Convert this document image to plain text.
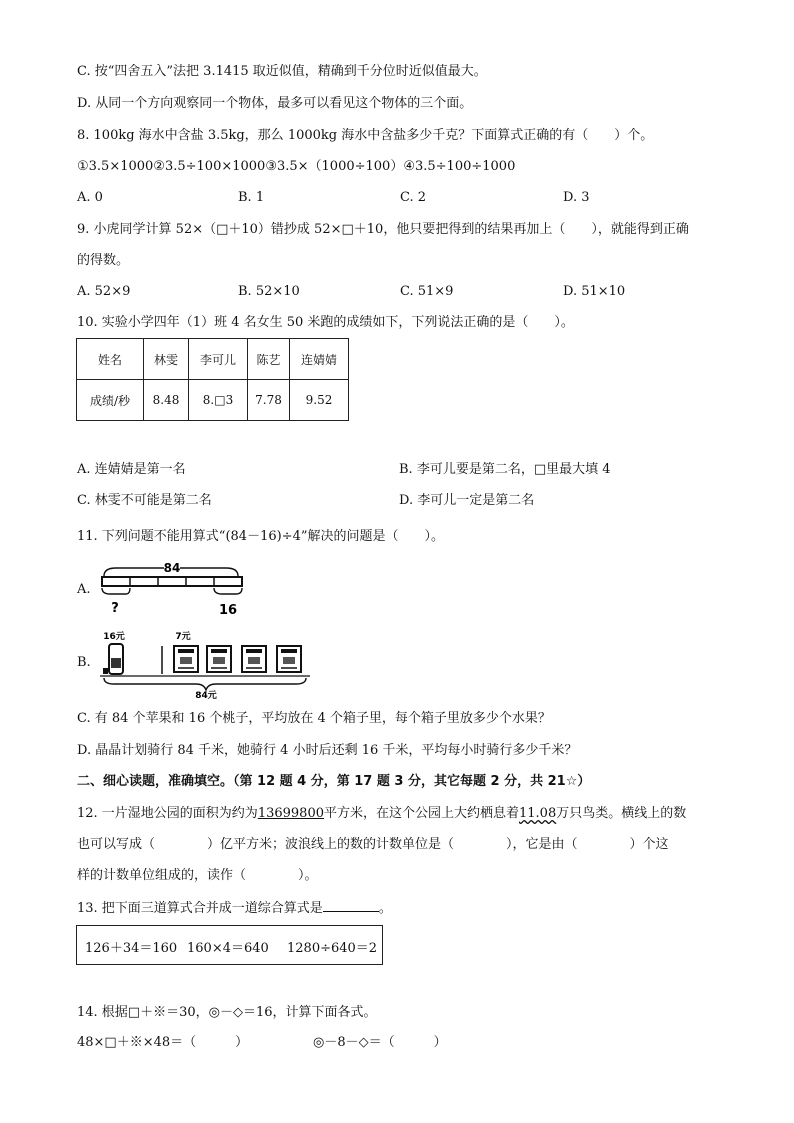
C. 按“四舍五入”法把 3.1415 取近似值，精确到千分位时近似值最大。
D. 从同一个方向观察同一个物体，最多可以看见这个物体的三个面。
8. 100kg 海水中含盐 3.5kg，那么 1000kg 海水中含盐多少千克？下面算式正确的有（　　）个。
①3.5×1000②3.5÷100×1000③3.5×（1000÷100）④3.5÷100÷1000
A. 0	B. 1	C. 2	D. 3
9. 小虎同学计算 52×（□＋10）错抄成 52×□＋10，他只要把得到的结果再加上（　　），就能得到正确
的得数。
A. 52×9	B. 52×10	C. 51×9	D. 51×10
10. 实验小学四年（1）班 4 名女生 50 米跑的成绩如下，下列说法正确的是（　　）。
姓名	林雯	李可儿	陈艺	连婧婧
成绩/秒	8.48	8.□3	7.78	9.52
A. 连婧婧是第一名	B. 李可儿要是第二名，□里最大填 4
C. 林雯不可能是第二名	D. 李可儿一定是第二名
11. 下列问题不能用算式“(84－16)÷4”解决的问题是（　　）。
A.
84
?	16
B.
16元	7元
84元
C. 有 84 个苹果和 16 个桃子，平均放在 4 个箱子里，每个箱子里放多少个水果？
D. 晶晶计划骑行 84 千米，她骑行 4 小时后还剩 16 千米，平均每小时骑行多少千米？
二、细心读题，准确填空。（第 12 题 4 分，第 17 题 3 分，其它每题 2 分，共 21☆）
12. 一片湿地公园的面积为约为13699800平方米，在这个公园上大约栖息着11.08万只鸟类。横线上的数
也可以写成（　　　　）亿平方米；波浪线上的数的计数单位是（　　　　），它是由（　　　　）个这
样的计数单位组成的，读作（　　　　）。
13. 把下面三道算式合并成一道综合算式是	。
126＋34＝160 160×4＝640 1280÷640＝2
14. 根据□＋※＝30，◎－◇＝16，计算下面各式。
48×□＋※×48＝（　　　）	◎－8－◇＝（　　　）
